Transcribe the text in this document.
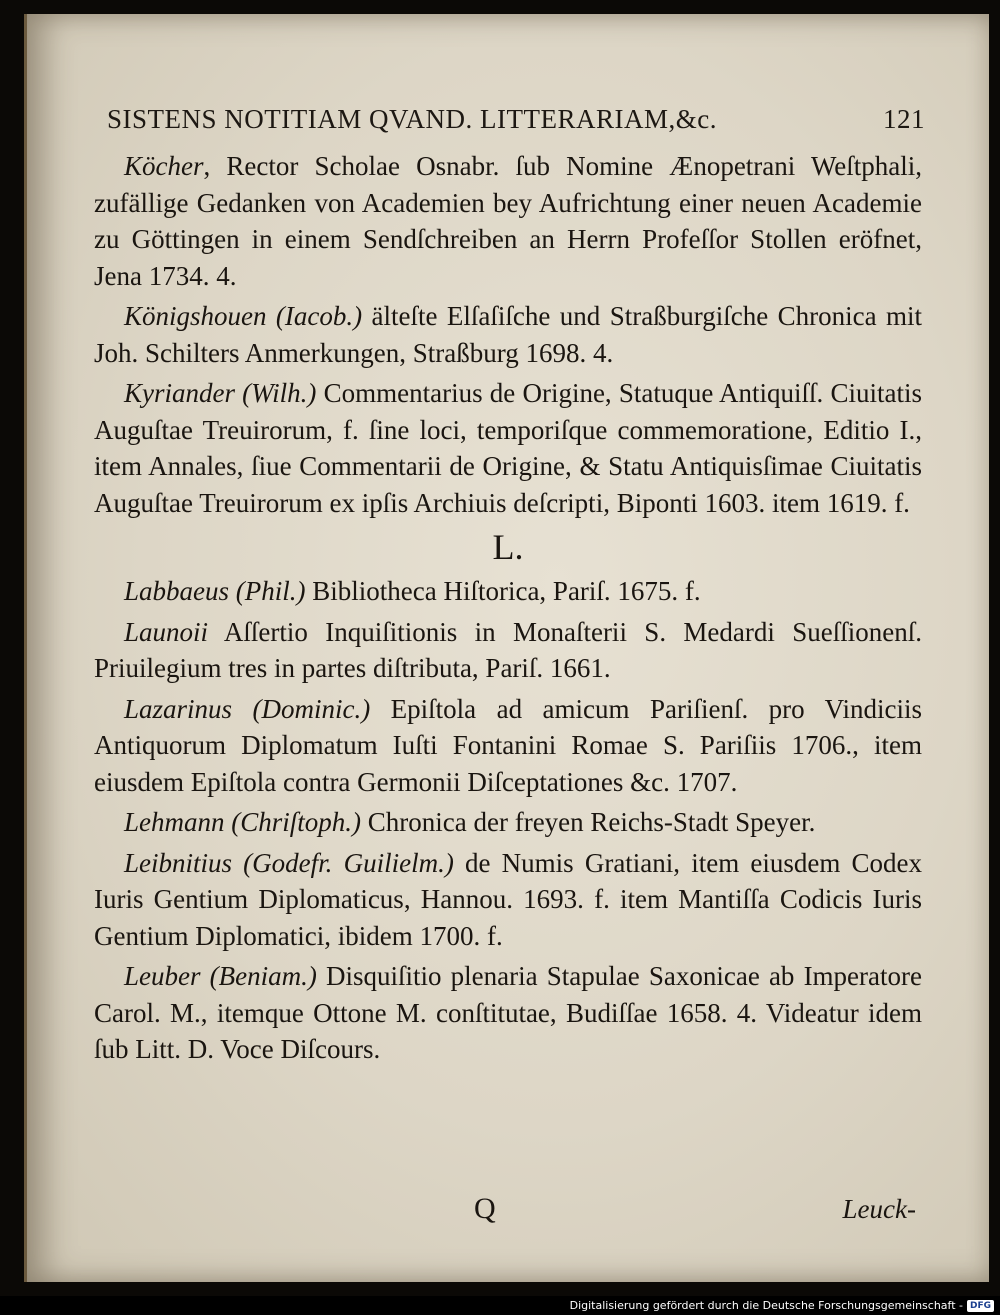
SISTENS NOTITIAM QVAND. LITTERARIAM,&c.	121

Köcher, Rector Scholae Osnabr. ſub Nomine Ænopetrani Weſtphali, zufällige Gedanken von Academien bey Aufrichtung einer neuen Academie zu Göttingen in einem Sendſchreiben an Herrn Profeſſor Stollen eröfnet, Jena 1734. 4.

Königshouen (Iacob.) älteſte Elſaſiſche und Straßburgiſche Chronica mit Joh. Schilters Anmerkungen, Straßburg 1698. 4.

Kyriander (Wilh.) Commentarius de Origine, Statuque Antiquiſſ. Ciuitatis Auguſtae Treuirorum, f. ſine loci, temporiſque commemoratione, Editio I., item Annales, ſiue Commentarii de Origine, & Statu Antiquisſimae Ciuitatis Auguſtae Treuirorum ex ipſis Archiuis deſcripti, Biponti 1603. item 1619. f.

L.

Labbaeus (Phil.) Bibliotheca Hiſtorica, Pariſ. 1675. f.

Launoii Aſſertio Inquiſitionis in Monaſterii S. Medardi Sueſſionenſ. Priuilegium tres in partes diſtributa, Pariſ. 1661.

Lazarinus (Dominic.) Epiſtola ad amicum Pariſienſ. pro Vindiciis Antiquorum Diplomatum Iuſti Fontanini Romae S. Pariſiis 1706., item eiusdem Epiſtola contra Germonii Diſceptationes &c. 1707.

Lehmann (Chriſtoph.) Chronica der freyen Reichs-Stadt Speyer.

Leibnitius (Godefr. Guilielm.) de Numis Gratiani, item eiusdem Codex Iuris Gentium Diplomaticus, Hannou. 1693. f. item Mantiſſa Codicis Iuris Gentium Diplomatici, ibidem 1700. f.

Leuber (Beniam.) Disquiſitio plenaria Stapulae Saxonicae ab Imperatore Carol. M., itemque Ottone M. conſtitutae, Budiſſae 1658. 4. Videatur idem ſub Litt. D. Voce Diſcours.

Q	Leuck-
Digitalisierung gefördert durch die Deutsche Forschungsgemeinschaft - DFG
